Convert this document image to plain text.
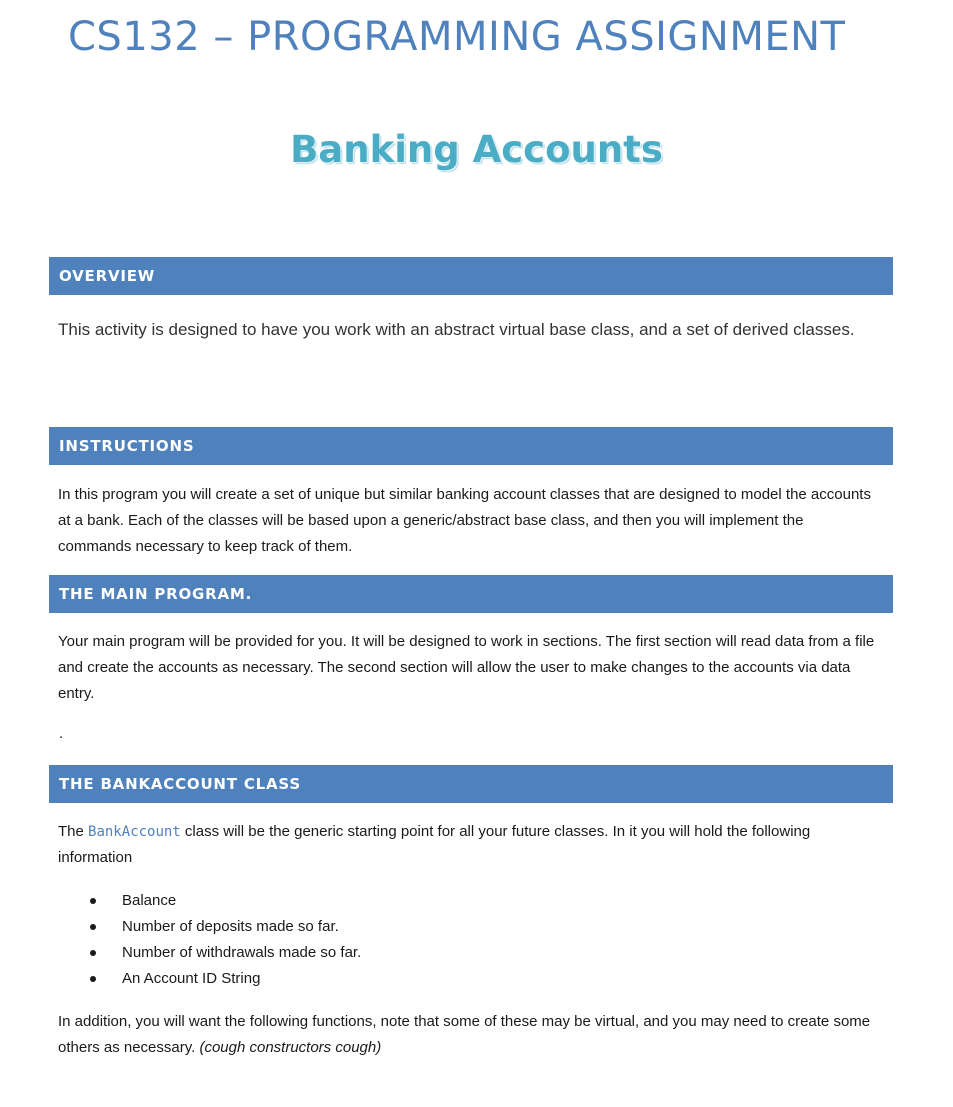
CS132 – PROGRAMMING ASSIGNMENT
Banking Accounts
OVERVIEW

This activity is designed to have you work with an abstract virtual base class, and a set of derived classes.

INSTRUCTIONS

In this program you will create a set of unique but similar banking account classes that are designed to model the accounts at a bank. Each of the classes will be based upon a generic/abstract base class, and then you will implement the commands necessary to keep track of them.

THE MAIN PROGRAM.

Your main program will be provided for you. It will be designed to work in sections. The first section will read data from a file and create the accounts as necessary. The second section will allow the user to make changes to the accounts via data entry.

.
THE BANKACCOUNT CLASS

The BankAccount class will be the generic starting point for all your future classes. In it you will hold the following information

Balance
Number of deposits made so far.
Number of withdrawals made so far.
An Account ID String

In addition, you will want the following functions, note that some of these may be virtual, and you may need to create some others as necessary. (cough constructors cough)
